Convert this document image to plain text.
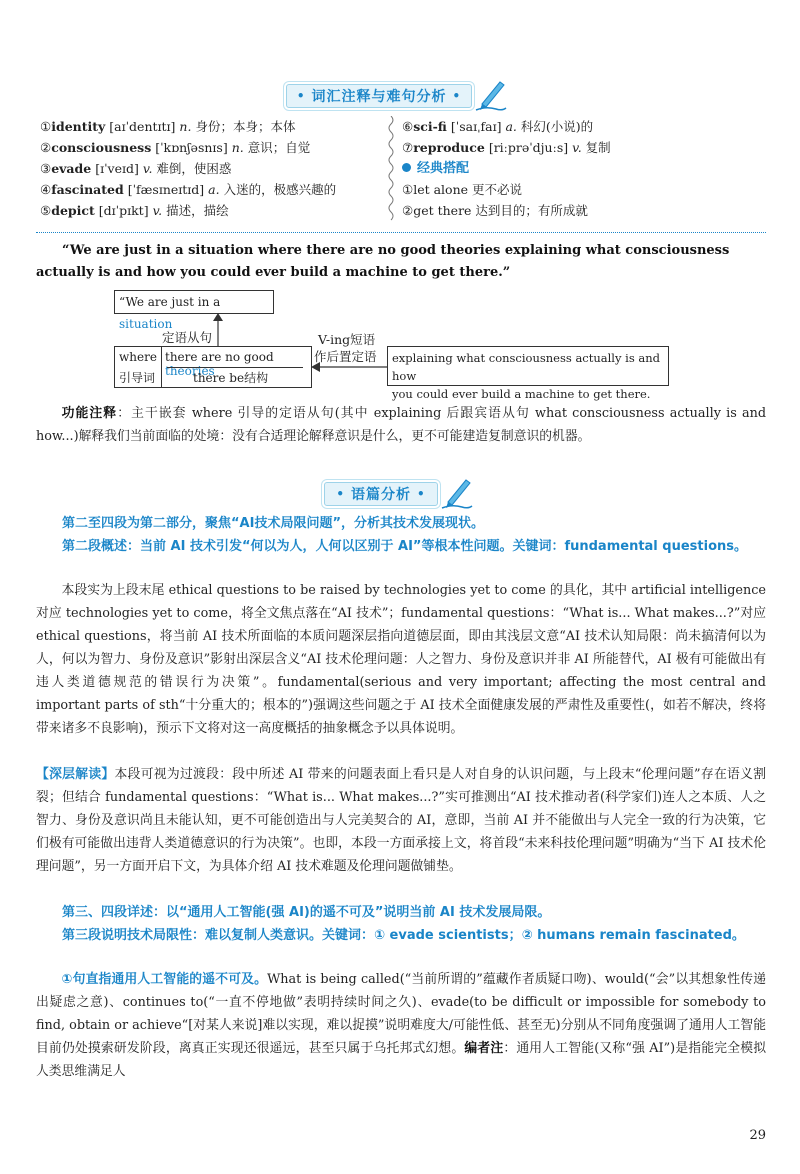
• 词汇注释与难句分析 •
①identity [aɪˈdentɪtɪ] n. 身份；本身；本体
②consciousness [ˈkɒnʃəsnɪs] n. 意识；自觉
③evade [ɪˈveɪd] v. 难倒，使困惑
④fascinated [ˈfæsɪneɪtɪd] a. 入迷的，极感兴趣的
⑤depict [dɪˈpɪkt] v. 描述，描绘
⑥sci-fi [ˈsaɪˌfaɪ] a. 科幻(小说)的
⑦reproduce [riːprəˈdjuːs] v. 复制
经典搭配
①let alone 更不必说
②get there 达到目的；有所成就
“We are just in a situation where there are no good theories explaining what consciousness actually is and how you could ever build a machine to get there.”
“We are just in a situation
定语从句
where there are no good theories
引导词	there be结构
V-ing短语
作后置定语 explaining what consciousness actually is and how
you could ever build a machine to get there.
功能注释：主干嵌套 where 引导的定语从句(其中 explaining 后跟宾语从句 what consciousness actually is and how...)解释我们当前面临的处境：没有合适理论解释意识是什么，更不可能建造复制意识的机器。
• 语篇分析 •
第二至四段为第二部分，聚焦“AI技术局限问题”，分析其技术发展现状。
第二段概述：当前 AI 技术引发“何以为人，人何以区别于 AI”等根本性问题。关键词：fundamental questions。
本段实为上段末尾 ethical questions to be raised by technologies yet to come 的具化，其中 artificial intelligence 对应 technologies yet to come，将全文焦点落在“AI 技术”；fundamental questions：“What is... What makes...?”对应 ethical questions，将当前 AI 技术所面临的本质问题深层指向道德层面，即由其浅层文意“AI 技术认知局限：尚未搞清何以为人，何以为智力、身份及意识”影射出深层含义“AI 技术伦理问题：人之智力、身份及意识并非 AI 所能替代，AI 极有可能做出有违人类道德规范的错误行为决策”。fundamental(serious and very important; affecting the most central and important parts of sth“十分重大的；根本的”)强调这些问题之于 AI 技术全面健康发展的严肃性及重要性(，如若不解决，终将带来诸多不良影响)，预示下文将对这一高度概括的抽象概念予以具体说明。
【深层解读】本段可视为过渡段：段中所述 AI 带来的问题表面上看只是人对自身的认识问题，与上段末“伦理问题”存在语义割裂；但结合 fundamental questions：“What is... What makes...?”实可推测出“AI 技术推动者(科学家们)连人之本质、人之智力、身份及意识尚且未能认知，更不可能创造出与人完美契合的 AI，意即，当前 AI 并不能做出与人完全一致的行为决策，它们极有可能做出违背人类道德意识的行为决策”。也即，本段一方面承接上文，将首段“未来科技伦理问题”明确为“当下 AI 技术伦理问题”，另一方面开启下文，为具体介绍 AI 技术难题及伦理问题做铺垫。
第三、四段详述：以“通用人工智能(强 AI)的遥不可及”说明当前 AI 技术发展局限。
第三段说明技术局限性：难以复制人类意识。关键词：① evade scientists；② humans remain fascinated。
①句直指通用人工智能的遥不可及。What is being called(“当前所谓的”蕴藏作者质疑口吻)、would(“会”以其想象性传递出疑虑之意)、continues to(“一直不停地做”表明持续时间之久)、evade(to be difficult or impossible for somebody to find, obtain or achieve“[对某人来说]难以实现，难以捉摸”说明难度大/可能性低、甚至无)分别从不同角度强调了通用人工智能目前仍处摸索研发阶段，离真正实现还很遥远，甚至只属于乌托邦式幻想。编者注：通用人工智能(又称“强 AI”)是指能完全模拟人类思维满足人
29
